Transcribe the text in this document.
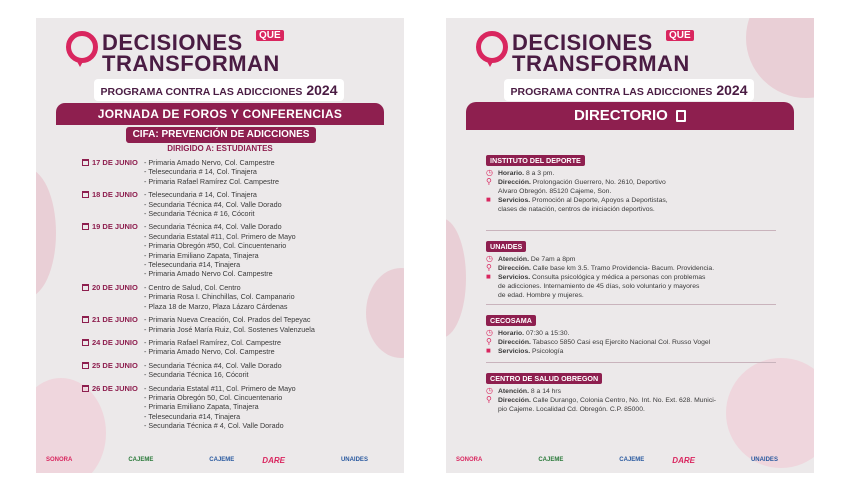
DECISIONES	QUE
TRANSFORMAN
PROGRAMA CONTRA LAS ADICCIONES 2024
JORNADA DE FOROS Y CONFERENCIAS
CIFA: PREVENCIÓN DE ADICCIONES
DIRIGIDO A: ESTUDIANTES
17 DE JUNIO - Primaria Amado Nervo, Col. Campestre
- Telesecundaria # 14, Col. Tinajera
- Primaria Rafael Ramírez Col. Campestre
18 DE JUNIO - Telesecundaria # 14, Col. Tinajera
- Secundaria Técnica #4, Col. Valle Dorado
- Secundaria Técnica # 16, Cócorit
19 DE JUNIO - Secundaria Técnica #4, Col. Valle Dorado
- Secundaria Estatal #11, Col. Primero de Mayo
- Primaria Obregón #50, Col. Cincuentenario
- Primaria Emiliano Zapata, Tinajera
- Telesecundaria #14, Tinajera
- Primaria Amado Nervo Col. Campestre
20 DE JUNIO - Centro de Salud, Col. Centro
- Primaria Rosa I. Chinchillas, Col. Campanario
- Plaza 18 de Marzo, Plaza Lázaro Cárdenas
21 DE JUNIO - Primaria Nueva Creación, Col. Prados del Tepeyac
- Primaria José María Ruiz, Col. Sostenes Valenzuela
24 DE JUNIO - Primaria Rafael Ramírez, Col. Campestre
- Primaria Amado Nervo, Col. Campestre
25 DE JUNIO - Secundaria Técnica #4, Col. Valle Dorado
- Secundaria Técnica 16, Cócorit
26 DE JUNIO - Secundaria Estatal #11, Col. Primero de Mayo
- Primaria Obregón 50, Col. Cincuentenario
- Primaria Emiliano Zapata, Tinajera
- Telesecundaria #14, Tinajera
- Secundaria Técnica # 4, Col. Valle Dorado
SONORA	CAJEME	CAJEME	DARE	UNAIDES
DECISIONES	QUE
TRANSFORMAN
PROGRAMA CONTRA LAS ADICCIONES 2024
DIRECTORIO
INSTITUTO DEL DEPORTE
◷ Horario. 8 a 3 pm.
⚲ Dirección. Prolongación Guerrero, No. 2610, Deportivo
Alvaro Obregón. 85120 Cajeme, Son.
■	Servicios. Promoción al Deporte, Apoyos a Deportistas,
clases de natación, centros de iniciación deportivos.
UNAIDES
◷ Atención. De 7am a 8pm
⚲ Dirección. Calle base km 3.5. Tramo Providencia- Bacum. Providencia.
■	Servicios. Consulta psicológica y médica a personas con problemas
de adicciones. Internamiento de 45 días, solo voluntario y mayores
de edad. Hombre y mujeres.
CECOSAMA
◷ Horario. 07:30 a 15:30.
⚲ Dirección. Tabasco 5850 Casi esq Ejercito Nacional Col. Russo Vogel
■	Servicios. Psicología
CENTRO DE SALUD OBREGON
◷ Atención. 8 a 14 hrs
⚲ Dirección. Calle Durango, Colonia Centro, No. Int. No. Ext. 628. Munici-
pio Cajeme. Localidad Cd. Obregón. C.P. 85000.
SONORA	CAJEME	CAJEME	DARE	UNAIDES
